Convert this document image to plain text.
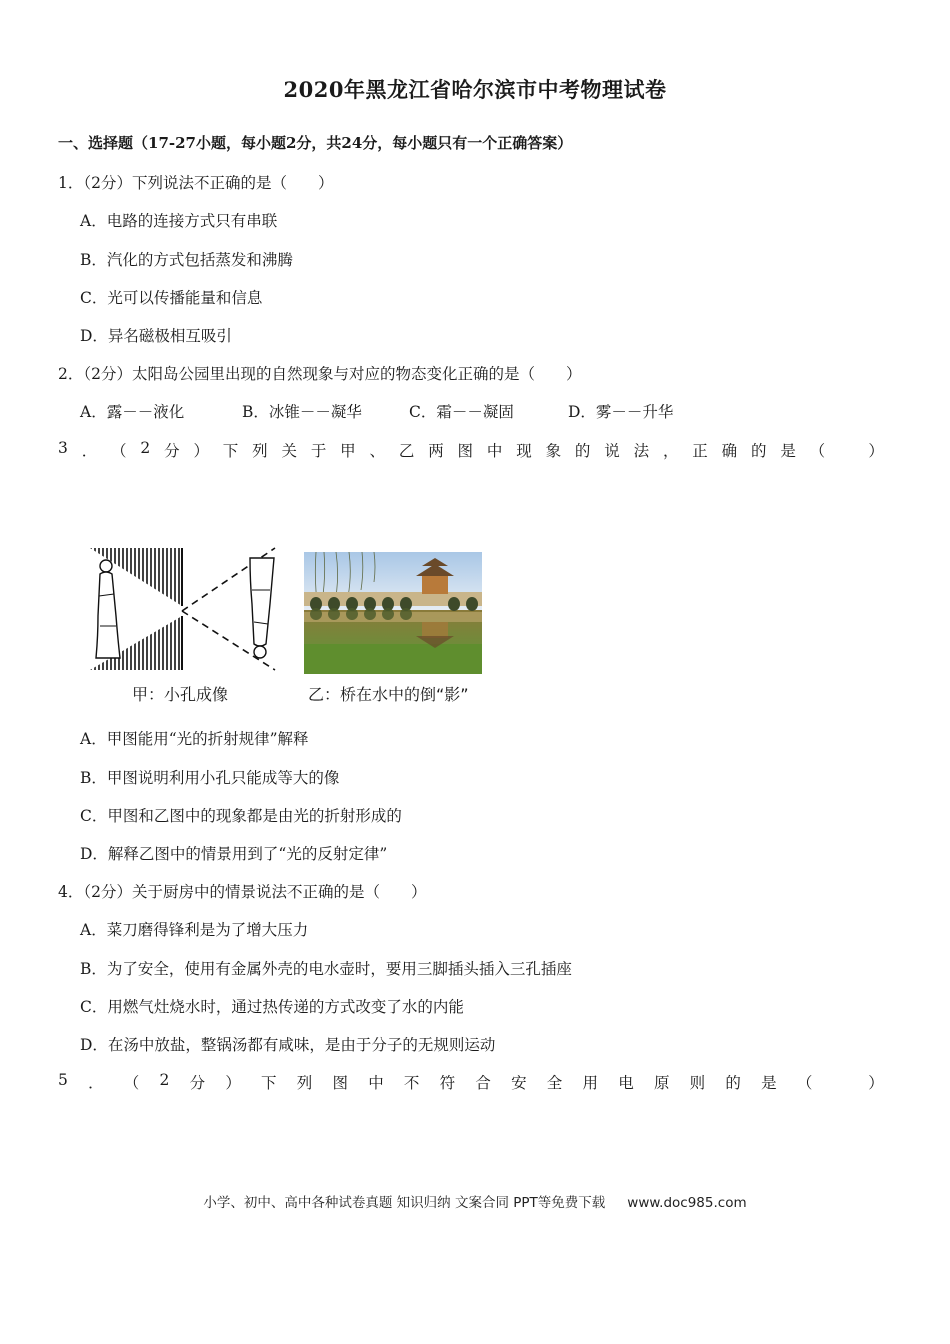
2020年黑龙江省哈尔滨市中考物理试卷
一、选择题（17-27小题，每小题2分，共24分，每小题只有一个正确答案）
1．（2分）下列说法不正确的是（　　）
A．电路的连接方式只有串联
B．汽化的方式包括蒸发和沸腾
C．光可以传播能量和信息
D．异名磁极相互吸引
2．（2分）太阳岛公园里出现的自然现象与对应的物态变化正确的是（　　）
A．露－－液化	B．冰锥－－凝华	C．霜－－凝固	D．雾－－升华
3 ． （ 2 分 ） 下 列 关 于 甲 、 乙 两 图 中 现 象 的 说 法 ， 正 确 的 是 （
　	）
甲：小孔成像	乙：桥在水中的倒“影”
A．甲图能用“光的折射规律”解释
B．甲图说明利用小孔只能成等大的像
C．甲图和乙图中的现象都是由光的折射形成的
D．解释乙图中的情景用到了“光的反射定律”
4．（2分）关于厨房中的情景说法不正确的是（　　）
A．菜刀磨得锋利是为了增大压力
B．为了安全，使用有金属外壳的电水壶时，要用三脚插头插入三孔插座
C．用燃气灶烧水时，通过热传递的方式改变了水的内能
D．在汤中放盐，整锅汤都有咸味，是由于分子的无规则运动
5 ． （ 2 分 ） 下 列 图 中 不 符 合 安 全 用 电 原 则 的 是 （
　	）
小学、初中、高中各种试卷真题 知识归纳 文案合同 PPT等免费下载 www.doc985.com
